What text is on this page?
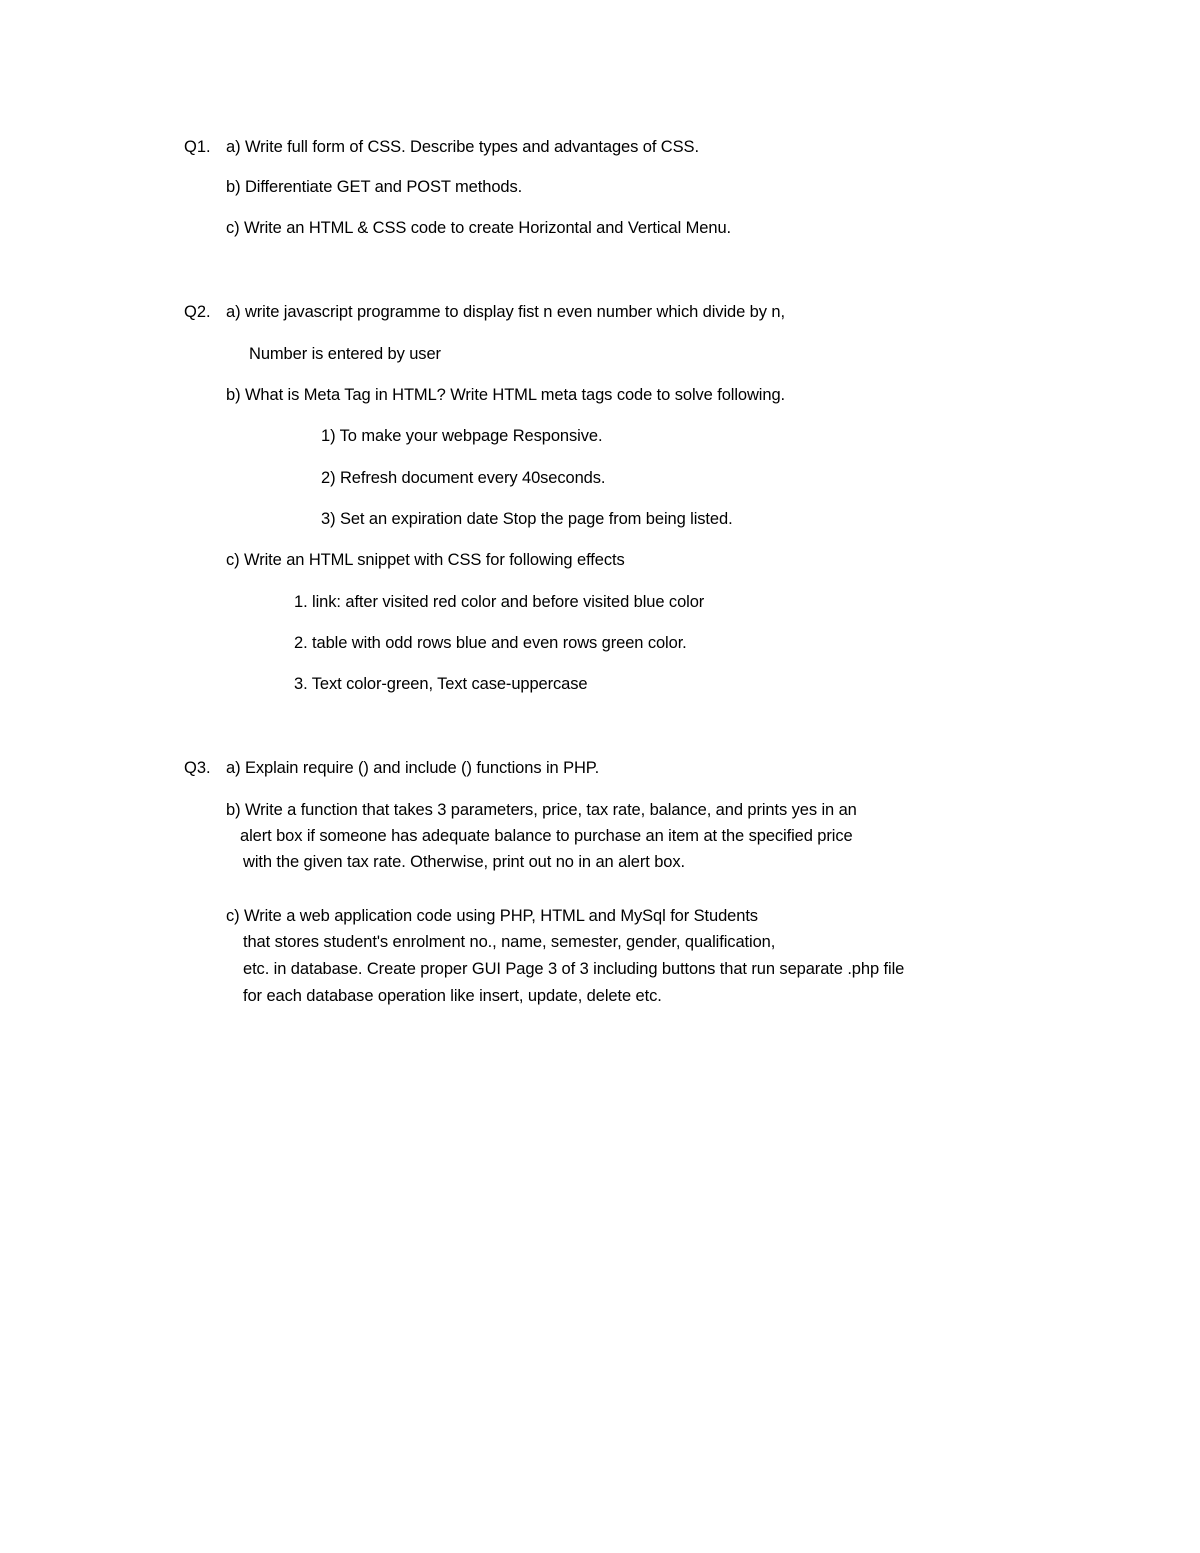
Q1. a) Write full form of CSS. Describe types and advantages of CSS.
b) Differentiate GET and POST methods.
c) Write an HTML & CSS code to create Horizontal and Vertical Menu.
Q2. a) write javascript programme to display fist n even number which divide by n,
Number is entered by user
b) What is Meta Tag in HTML? Write HTML meta tags code to solve following.
1) To make your webpage Responsive.
2) Refresh document every 40seconds.
3) Set an expiration date Stop the page from being listed.
c) Write an HTML snippet with CSS for following effects
1. link: after visited red color and before visited blue color
2. table with odd rows blue and even rows green color.
3. Text color-green, Text case-uppercase
Q3. a) Explain require () and include () functions in PHP.
b) Write a function that takes 3 parameters, price, tax rate, balance, and prints yes in an
alert box if someone has adequate balance to purchase an item at the specified price
with the given tax rate. Otherwise, print out no in an alert box.
c) Write a web application code using PHP, HTML and MySql for Students
that stores student's enrolment no., name, semester, gender, qualification,
etc. in database. Create proper GUI Page 3 of 3 including buttons that run separate .php file
for each database operation like insert, update, delete etc.
